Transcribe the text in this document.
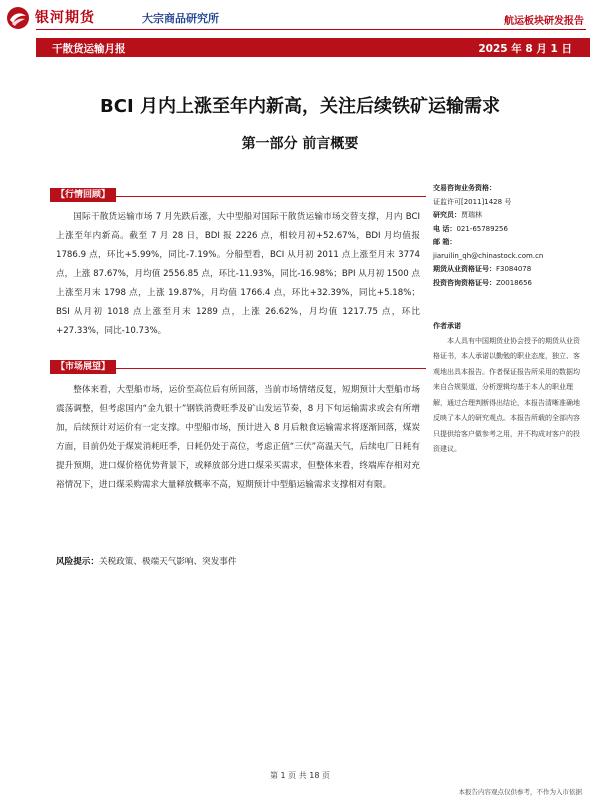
银河期货	大宗商品研究所	航运板块研发报告
干散货运输月报	2025 年 8 月 1 日
BCI 月内上涨至年内新高，关注后续铁矿运输需求
第一部分 前言概要
【行情回顾】

国际干散货运输市场 7 月先跌后涨，大中型船对国际干散货运输市场交替支撑，月内 BCI 上涨至年内新高。截至 7 月 28 日，BDI 报 2226 点，相较月初+52.67%，BDI 月均值报 1786.9 点，环比+5.99%，同比-7.19%。分船型看，BCI 从月初 2011 点上涨至月末 3774 点，上涨 87.67%，月均值 2556.85 点，环比-11.93%，同比-16.98%；BPI 从月初 1500 点上涨至月末 1798 点，上涨 19.87%，月均值 1766.4 点，环比+32.39%，同比+5.18%；BSI 从月初 1018 点上涨至月末 1289 点，上涨 26.62%，月均值 1217.75 点，环比+27.33%，同比-10.73%。

【市场展望】

整体来看，大型船市场，运价至高位后有所回落，当前市场情绪反复，短期预计大型船市场震荡调整，但考虑国内“金九银十”钢铁消费旺季及矿山发运节奏，8 月下旬运输需求或会有所增加，后续预计对运价有一定支撑。中型船市场，预计进入 8 月后粮食运输需求将逐渐回落，煤炭方面，目前仍处于煤炭消耗旺季，日耗仍处于高位，考虑正值“三伏”高温天气，后续电厂日耗有提升预期，进口煤价格优势背景下，或释放部分进口煤采买需求，但整体来看，终端库存相对充裕情况下，进口煤采购需求大量释放概率不高，短期预计中型船运输需求支撑相对有限。

风险提示：关税政策、极端天气影响、突发事件
交易咨询业务资格：
证监许可[2011]1428 号
研究员：贾瑞林
电 话：021-65789256
邮 箱：
jiaruilin_qh@chinastock.com.cn
期货从业资格证号：F3084078
投资咨询资格证号：Z0018656
作者承诺
本人具有中国期货业协会授予的期货从业资格证书，本人承诺以勤勉的职业态度，独立、客观地出具本报告。作者保证报告所采用的数据均来自合规渠道，分析逻辑均基于本人的职业理解，通过合理判断得出结论，本报告清晰准确地反映了本人的研究观点。本报告所载的全部内容只提供给客户做参考之用，并不构成对客户的投资建议。
第 1 页 共 18 页
本报告内容观点仅供参考，不作为入市依据
